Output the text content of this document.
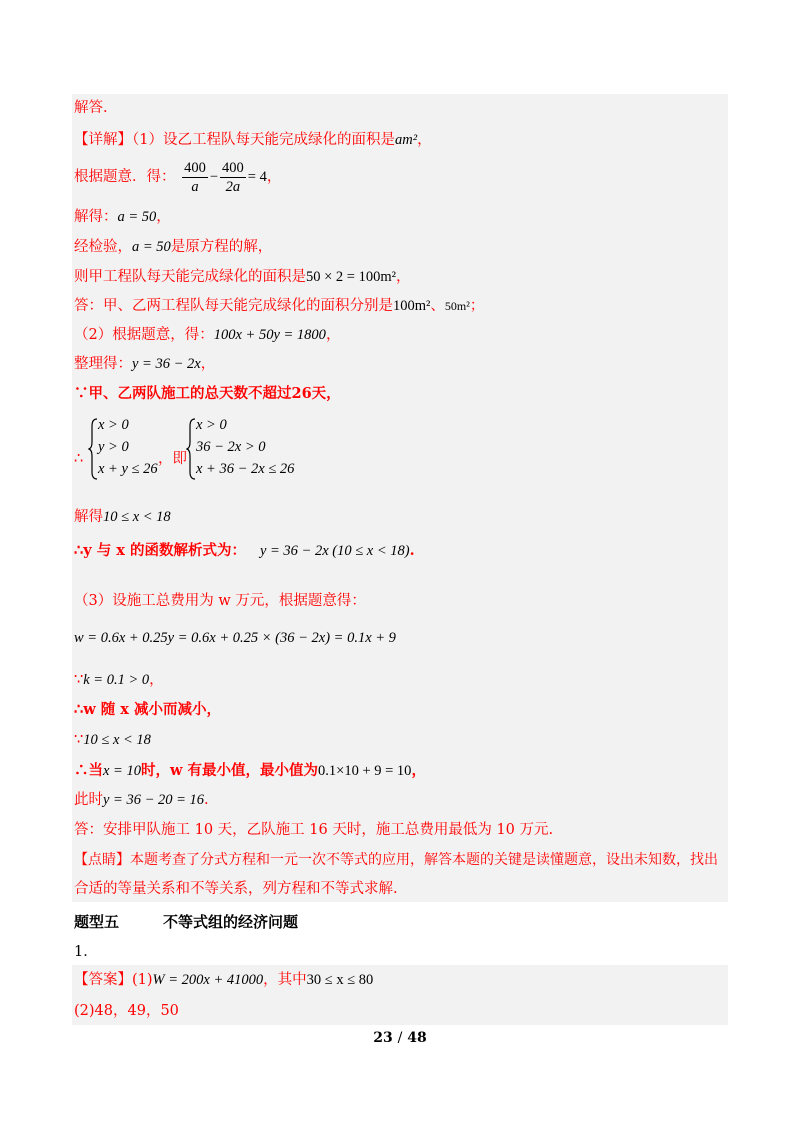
解答.
【详解】（1）设乙工程队每天能完成绿化的面积是am²，
根据题意．得： $\frac{400}{a} - \frac{400}{2a} = 4$，
解得：a = 50，
经检验，a = 50是原方程的解，
则甲工程队每天能完成绿化的面积是50 × 2 = 100m²，
答：甲、乙两工程队每天能完成绿化的面积分别是100m²、50m²；
（2）根据题意，得：100x + 50y = 1800，
整理得：y = 36 − 2x，
∵甲、乙两队施工的总天数不超过26天，
∴
x > 0
y > 0
x + y ≤ 26
，即
x > 0
36 − 2x > 0
x + 36 − 2x ≤ 26
解得10 ≤ x < 18
∴y 与 x 的函数解析式为： y = 36 − 2x (10 ≤ x < 18).
（3）设施工总费用为 w 万元，根据题意得：
w = 0.6x + 0.25y = 0.6x + 0.25 × (36 − 2x) = 0.1x + 9
∵k = 0.1 > 0，
∴w 随 x 减小而减小，
∵10 ≤ x < 18
∴当x = 10时，w 有最小值，最小值为0.1×10 + 9 = 10，
此时y = 36 − 20 = 16.
答：安排甲队施工 10 天，乙队施工 16 天时，施工总费用最低为 10 万元.
【点睛】本题考查了分式方程和一元一次不等式的应用，解答本题的关键是读懂题意，设出未知数，找出
合适的等量关系和不等关系，列方程和不等式求解.
题型五	不等式组的经济问题
1．
【答案】(1)W = 200x + 41000，其中30 ≤ x ≤ 80
(2)48，49，50
23 / 48
